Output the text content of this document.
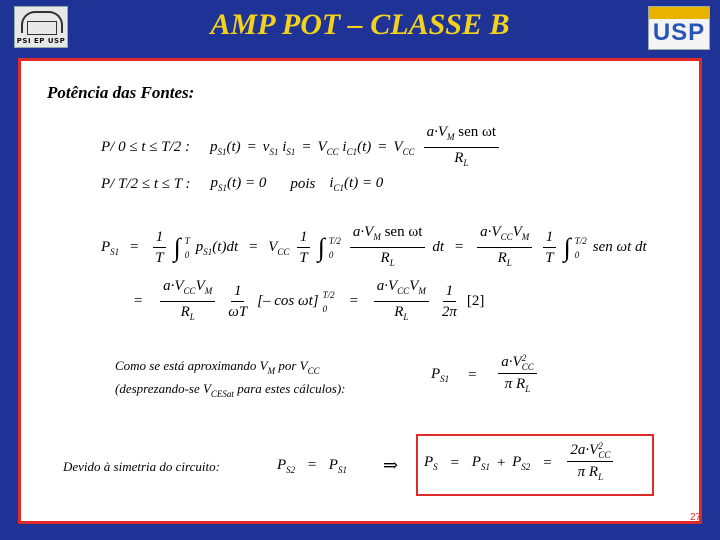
PSI EP USP	AMP POT – CLASSE B	USP
Potência das Fontes:
P/ 0 ≤ t ≤ T/2 : $p_{S1}(t) = v_{S1}$ $i_{S1} = V_{CC}$ $i_{C1}(t) = V_{CC} \frac{a\cdot V_M sen \omega t}{R_L}$
P/ T/2 ≤ t ≤ T : $p_{S1}(t) = 0$ pois $i_{C1}(t) = 0$
$P_{S1} = \frac{1}{T}$ ∫ T
0 $p_{S1}(t)dt = V_{CC} \frac{1}{T}$ ∫ T/2
0	$\frac{a\cdot V_M sen \omega t}{R_L}$ dt = $\frac{a\cdot V_{CC}V_M}{R_L} \frac{1}{T}$ ∫ T/2
0 sen ωt dt
= $\frac{a\cdot V_{CC}V_M}{R_L} \frac{1}{\omega T}$ [– cos ωt] T/2
0	= $\frac{a\cdot V_{CC}V_M}{R_L} \frac{1}{2\pi} [2]$
Como se está aproximando $V_M$ por $V_{CC}$
(desprezando-se $V_{CESat}$ para estes cálculos):
$P_{S1} = a\cdot V$ 2
CC
π $R_L$
Devido à simetria do circuito:	$P_{S2} = P_{S1}$ ⇒ $P_S = P_{S1} + P_{S2} = 2a\cdot V$ 2
CC
π $R_L$
27
